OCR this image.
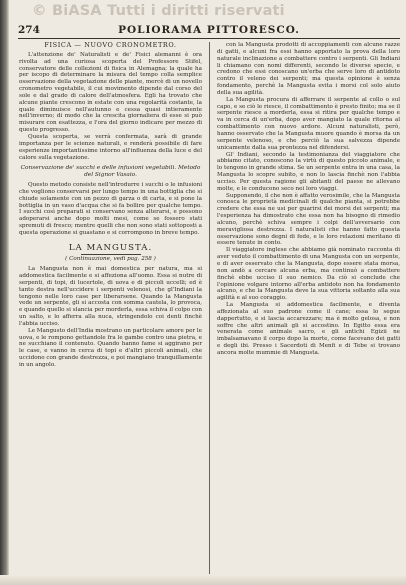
© BiASA Tutti i diritti riservati
274	POLIORAMA PITTORESCO.
FISICA — NUOVO CRONOMETRO.

L'attenzione de' Naturalisti e de' Fisici alemanni è ora rivolta ad una curiosa scoperta del Professore Stifel, conservatore delle collezioni di fisica in Alemagna; la quale ha per iscopo di determinare la misura del tempo colla semplice osservazione della vegetazione delle piante, mercè di un novello cronometro vegetabile, il cui movimento dipende dal corso del sole e dal grado di calore dell'atmosfera. Egli ha trovato che alcune piante crescono in estate con una regolarità costante, la quale diminuisce nell'autunno e cessa quasi intieramente nell'inverno; di modo che la crescita giornaliera di esse si può misurare con esattezza, e l'ora del giorno indicare per mezzo di questo progresso.

Questa scoperta, se verrà confermata, sarà di grande importanza per le scienze naturali, e renderà possibile di fare esperienze importantissime intorno all'influenza della luce e del calore sulla vegetazione.

Conservazione de' succhi e delle infusioni vegetabili. Metodo del Signor Vasaio.

Questo metodo consiste nell'introdurre i succhi o le infusioni che vogliono conservarsi per lungo tempo in una bottiglia che si chiude solamente con un pezzo di garza o di carta, e si pone la bottiglia in un vaso d'acqua che si fa bollire per qualche tempo. I succhi così preparati si conservano senza alterarsi, e possono adoperarsi anche dopo molti mesi, come se fossero stati spremuti di fresco; mentre quelli che non sono stati sottoposti a questa operazione si guastano e si corrompono in breve tempo.

LA MANGUSTA.
( Continuazione, vedi pag. 258 )

La Mangusta non è mai domestica per natura, ma si addomestica facilmente e si affeziona all'uomo. Essa si nutre di serpenti, di topi, di lucertole, di uova e di piccoli uccelli; ed è tanto destra nell'uccidere i serpenti velenosi, che gl'Indiani la tengono nelle loro case per liberarsene. Quando la Mangusta vede un serpente, gli si accosta con somma cautela, lo provoca, e quando quello si slancia per morderla, essa schiva il colpo con un salto, e lo afferra alla nuca, stringendolo coi denti finchè l'abbia ucciso.

Le Mangusto dell'India mostrano un particolare amore per le uova, e le rompono gettandole fra le gambe contro una pietra, e ne succhiano il contenuto. Quando hanno fame si aggirano per le case, e vanno in cerca di topi e d'altri piccoli animali, che uccidono con grande destrezza, e poi mangiano tranquillamente in un angolo.

con la Mangusta prodotti di accoppiamenti con alcune razze di gatti, e alcuni fra essi hanno apportato la prova della loro naturale inclinazione a combattere contro i serpenti. Gli Indiani li chiamano con nomi differenti, secondo le diverse specie, e credono che essi conoscano un'erba che serve loro di antidoto contro il veleno dei serpenti; ma questa opinione è senza fondamento, perchè la Mangusta evita i morsi col solo aiuto della sua agilità.

La Mangusta procura di afferrare il serpente al collo o sul capo, e se ciò le riesce, il combattimento è presto finito; ma se il serpente riesce a morderla, essa si ritira per qualche tempo e va in cerca di un'erba, dopo aver mangiato la quale ritorna al combattimento con nuovo ardore. Alcuni naturalisti, però, hanno osservato che la Mangusta muore quando è morsa da un serpente velenoso, e che perciò la sua salvezza dipende unicamente dalla sua prontezza nel difendersi.

Gl' Indiani, secondo la testimonianza del viaggiatore che abbiamo citato, conoscono la virtù di questo piccolo animale, e lo tengono in grande stima. Se un serpente entra in una casa, la Mangusta lo scopre subito, e non lo lascia finchè non l'abbia ucciso. Per questa ragione gli abitanti del paese ne allevano molte, e le conducono seco nei loro viaggi.

Supponendo, il che non è affatto verosimile, che la Mangusta conosca le proprietà medicinali di qualche pianta, si potrebbe credere che essa ne usi per guarirsi dei morsi dei serpenti; ma l'esperienza ha dimostrato che essa non ha bisogno di rimedio alcuno, perchè schiva sempre i colpi dell'avversario con meravigliosa destrezza. I naturalisti che hanno fatto questa osservazione sono degni di fede, e le loro relazioni meritano di essere tenute in conto.

Il viaggiatore inglese che abbiamo già nominato racconta di aver veduto il combattimento di una Mangusta con un serpente, e di aver osservato che la Mangusta, dopo essere stata morsa, non andò a cercare alcuna erba, ma continuò a combattere finchè ebbe ucciso il suo nemico. Da ciò si conclude che l'opinione volgare intorno all'erba antidoto non ha fondamento alcuno, e che la Mangusta deve la sua vittoria soltanto alla sua agilità e al suo coraggio.

La Mangusta si addomestica facilmente, e diventa affezionata al suo padrone come il cane; essa lo segue dappertutto, e si lascia accarezzare; ma è molto gelosa, e non soffre che altri animali gli si accostino. In Egitto essa era venerata come animale sacro, e gli antichi Egizii ne imbalsamavano il corpo dopo la morte, come facevano dei gatti e degli ibi. Presso i Sacerdoti di Menfi e di Tebe si trovano ancora molte mummie di Mangusta.
